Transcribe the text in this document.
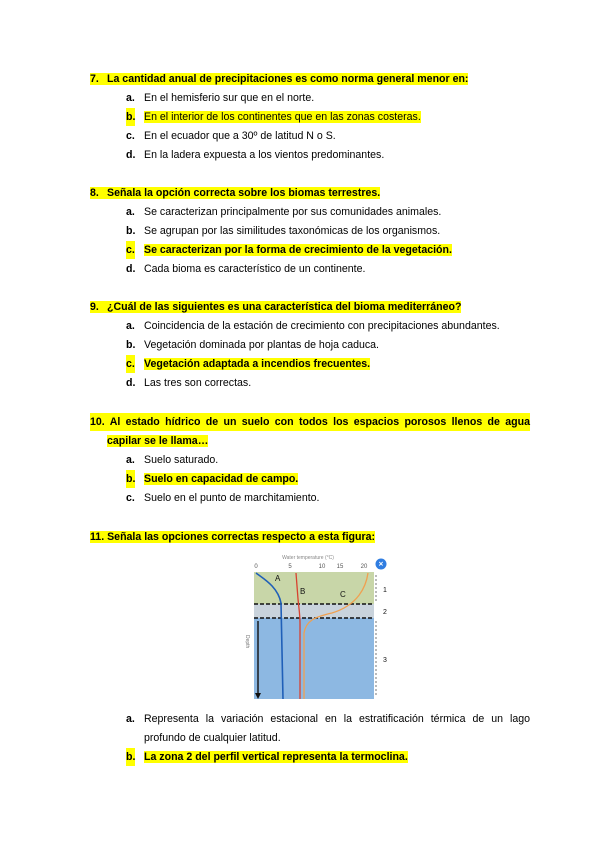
7. La cantidad anual de precipitaciones es como norma general menor en:
a. En el hemisferio sur que en el norte.
b. En el interior de los continentes que en las zonas costeras.
c. En el ecuador que a 30º de latitud N o S.
d. En la ladera expuesta a los vientos predominantes.
8. Señala la opción correcta sobre los biomas terrestres.
a. Se caracterizan principalmente por sus comunidades animales.
b. Se agrupan por las similitudes taxonómicas de los organismos.
c. Se caracterizan por la forma de crecimiento de la vegetación.
d. Cada bioma es característico de un continente.
9. ¿Cuál de las siguientes es una característica del bioma mediterráneo?
a. Coincidencia de la estación de crecimiento con precipitaciones abundantes.
b. Vegetación dominada por plantas de hoja caduca.
c. Vegetación adaptada a incendios frecuentes.
d. Las tres son correctas.
10. Al estado hídrico de un suelo con todos los espacios porosos llenos de agua
capilar se le llama…
a. Suelo saturado.
b. Suelo en capacidad de campo.
c. Suelo en el punto de marchitamiento.
11. Señala las opciones correctas respecto a esta figura:
Water temperature (°C)
0	5	10 15	20 ×
A
B	C
Depth
1
2
3
a. Representa la variación estacional en la estratificación térmica de un lago
profundo de cualquier latitud.
b. La zona 2 del perfil vertical representa la termoclina.
